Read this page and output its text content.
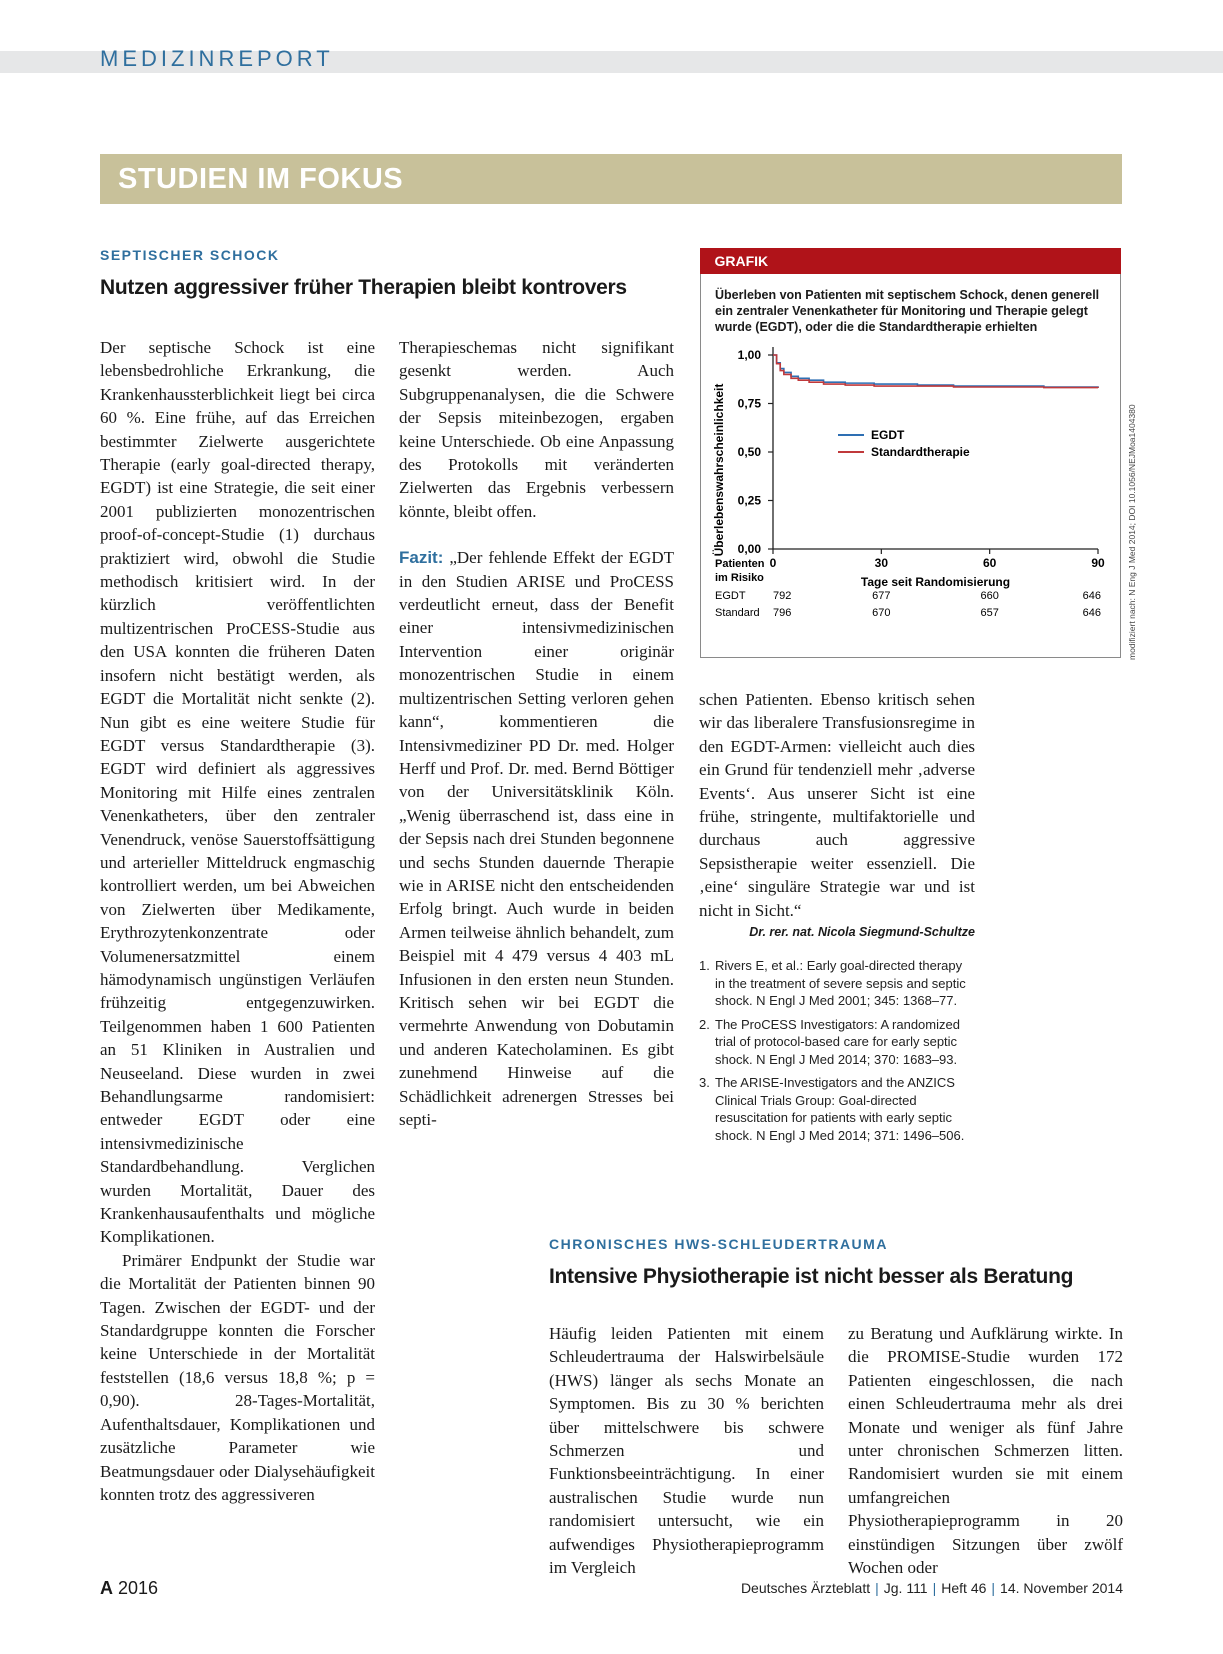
MEDIZINREPORT
STUDIEN IM FOKUS
SEPTISCHER SCHOCK
Nutzen aggressiver früher Therapien bleibt kontrovers

Der septische Schock ist eine lebensbedrohliche Erkrankung, die Krankenhaussterblichkeit liegt bei circa 60 %. Eine frühe, auf das Erreichen bestimmter Zielwerte ausgerichtete Therapie (early goal-directed therapy, EGDT) ist eine Strategie, die seit einer 2001 publizierten monozentrischen proof-of-concept-Studie (1) durchaus praktiziert wird, obwohl die Studie methodisch kritisiert wird. In der kürzlich veröffentlichten multizentrischen ProCESS-Studie aus den USA konnten die früheren Daten insofern nicht bestätigt werden, als EGDT die Mortalität nicht senkte (2). Nun gibt es eine weitere Studie für EGDT versus Standardtherapie (3). EGDT wird definiert als aggressives Monitoring mit Hilfe eines zentralen Venenkatheters, über den zentraler Venendruck, venöse Sauerstoffsättigung und arterieller Mitteldruck engmaschig kontrolliert werden, um bei Abweichen von Zielwerten über Medikamente, Erythrozytenkonzentrate oder Volumenersatzmittel einem hämodynamisch ungünstigen Verläufen frühzeitig entgegenzuwirken. Teilgenommen haben 1 600 Patienten an 51 Kliniken in Australien und Neuseeland. Diese wurden in zwei Behandlungsarme randomisiert: entweder EGDT oder eine intensivmedizinische Standardbehandlung. Verglichen wurden Mortalität, Dauer des Krankenhausaufenthalts und mögliche Komplikationen.

Primärer Endpunkt der Studie war die Mortalität der Patienten binnen 90 Tagen. Zwischen der EGDT- und der Standardgruppe konnten die Forscher keine Unterschiede in der Mortalität feststellen (18,6 versus 18,8 %; p = 0,90). 28-Tages-Mortalität, Aufenthaltsdauer, Komplikationen und zusätzliche Parameter wie Beatmungsdauer oder Dialysehäufigkeit konnten trotz des aggressiveren

Therapieschemas nicht signifikant gesenkt werden. Auch Subgruppenanalysen, die die Schwere der Sepsis miteinbezogen, ergaben keine Unterschiede. Ob eine Anpassung des Protokolls mit veränderten Zielwerten das Ergebnis verbessern könnte, bleibt offen.

Fazit: „Der fehlende Effekt der EGDT in den Studien ARISE und ProCESS verdeutlicht erneut, dass der Benefit einer intensivmedizinischen Intervention einer originär monozentrischen Studie in einem multizentrischen Setting verloren gehen kann“, kommentieren die Intensivmediziner PD Dr. med. Holger Herff und Prof. Dr. med. Bernd Böttiger von der Universitätsklinik Köln. „Wenig überraschend ist, dass eine in der Sepsis nach drei Stunden begonnene und sechs Stunden dauernde Therapie wie in ARISE nicht den entscheidenden Erfolg bringt. Auch wurde in beiden Armen teilweise ähnlich behandelt, zum Beispiel mit 4 479 versus 4 403 mL Infusionen in den ersten neun Stunden. Kritisch sehen wir bei EGDT die vermehrte Anwendung von Dobutamin und anderen Katecholaminen. Es gibt zunehmend Hinweise auf die Schädlichkeit adrenergen Stresses bei septi-

GRAFIK
Überleben von Patienten mit septischem Schock, denen generell ein zentraler Venenkatheter für Monitoring und Therapie gelegt wurde (EGDT), oder die die Standardtherapie erhielten
0,00
0,25
0,50
0,75
1,00
0	30	60	90
Tage seit Randomisierung
Überlebenswahrscheinlichkeit	EGDT
Standardtherapie
Patienten
im Risiko
EGDT 792	677	660	646
Standard 796	670	657	646	modifiziert nach: N Eng J Med 2014; DOI 10.1056/NEJMoa1404380

schen Patienten. Ebenso kritisch sehen wir das liberalere Transfusionsregime in den EGDT-Armen: vielleicht auch dies ein Grund für tendenziell mehr ‚adverse Events‘. Aus unserer Sicht ist eine frühe, stringente, multifaktorielle und durchaus auch aggressive Sepsistherapie weiter essenziell. Die ‚eine‘ singuläre Strategie war und ist nicht in Sicht.“

Dr. rer. nat. Nicola Siegmund-Schultze
1. Rivers E, et al.: Early goal-directed therapy in the treatment of severe sepsis and septic shock. N Engl J Med 2001; 345: 1368–77.
2. The ProCESS Investigators: A randomized trial of protocol-based care for early septic shock. N Engl J Med 2014; 370: 1683–93.
3. The ARISE-Investigators and the ANZICS Clinical Trials Group: Goal-directed resuscitation for patients with early septic shock. N Engl J Med 2014; 371: 1496–506.
CHRONISCHES HWS-SCHLEUDERTRAUMA
Intensive Physiotherapie ist nicht besser als Beratung

Häufig leiden Patienten mit einem Schleudertrauma der Halswirbelsäule (HWS) länger als sechs Monate an Symptomen. Bis zu 30 % berichten über mittelschwere bis schwere Schmerzen und Funktionsbeeinträchtigung. In einer australischen Studie wurde nun randomisiert untersucht, wie ein aufwendiges Physiotherapieprogramm im Vergleich

zu Beratung und Aufklärung wirkte. In die PROMISE-Studie wurden 172 Patienten eingeschlossen, die nach einen Schleudertrauma mehr als drei Monate und weniger als fünf Jahre unter chronischen Schmerzen litten. Randomisiert wurden sie mit einem umfangreichen Physiotherapieprogramm in 20 einstündigen Sitzungen über zwölf Wochen oder

A 2016	Deutsches Ärzteblatt | Jg. 111 | Heft 46 | 14. November 2014
